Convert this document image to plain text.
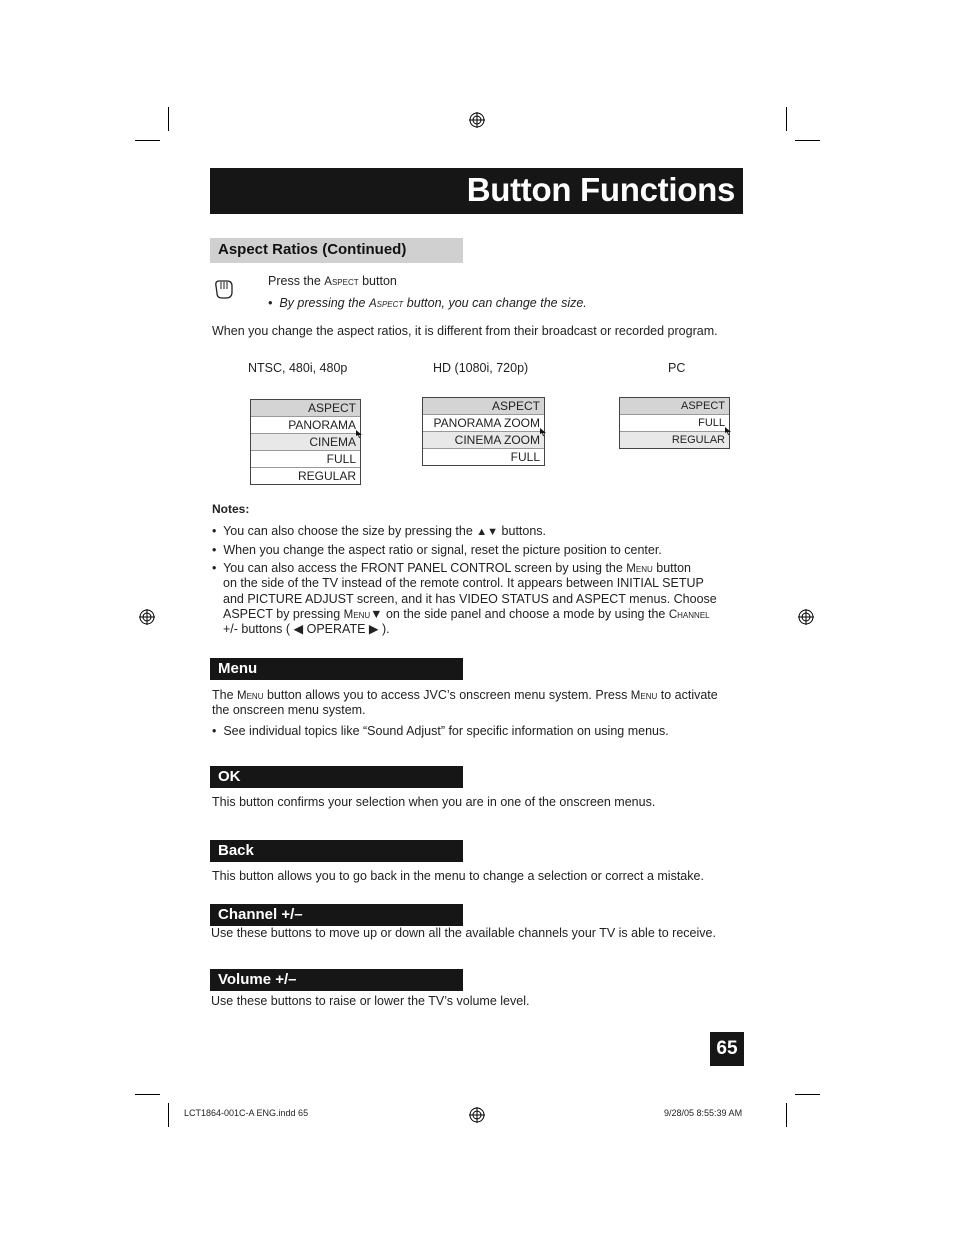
Button Functions
Aspect Ratios (Continued)
Press the Aspect button
•  By pressing the Aspect button, you can change the size.
When you change the aspect ratios, it is different from their broadcast or recorded program.
NTSC, 480i, 480p	HD (1080i, 720p)	PC
ASPECT
PANORAMA
CINEMA
FULL
REGULAR
ASPECT
PANORAMA ZOOM
CINEMA ZOOM
FULL
ASPECT
FULL
REGULAR
Notes:
•  You can also choose the size by pressing the ▲▼ buttons.
•  When you change the aspect ratio or signal, reset the picture position to center.
•  You can also access the FRONT PANEL CONTROL screen by using the Menu button
on the side of the TV instead of the remote control. It appears between INITIAL SETUP
and PICTURE ADJUST screen, and it has VIDEO STATUS and ASPECT menus. Choose
ASPECT by pressing Menu▼ on the side panel and choose a mode by using the Channel
+/- buttons ( ◀ OPERATE ▶ ).
Menu
The Menu button allows you to access JVC’s onscreen menu system. Press Menu to activate
the onscreen menu system.
•  See individual topics like “Sound Adjust” for specific information on using menus.
OK
This button confirms your selection when you are in one of the onscreen menus.
Back
This button allows you to go back in the menu to change a selection or correct a mistake.
Channel +/–
Use these buttons to move up or down all the available channels your TV is able to receive.
Volume +/–
Use these buttons to raise or lower the TV’s volume level.
65
LCT1864-001C-A ENG.indd 65	9/28/05 8:55:39 AM
